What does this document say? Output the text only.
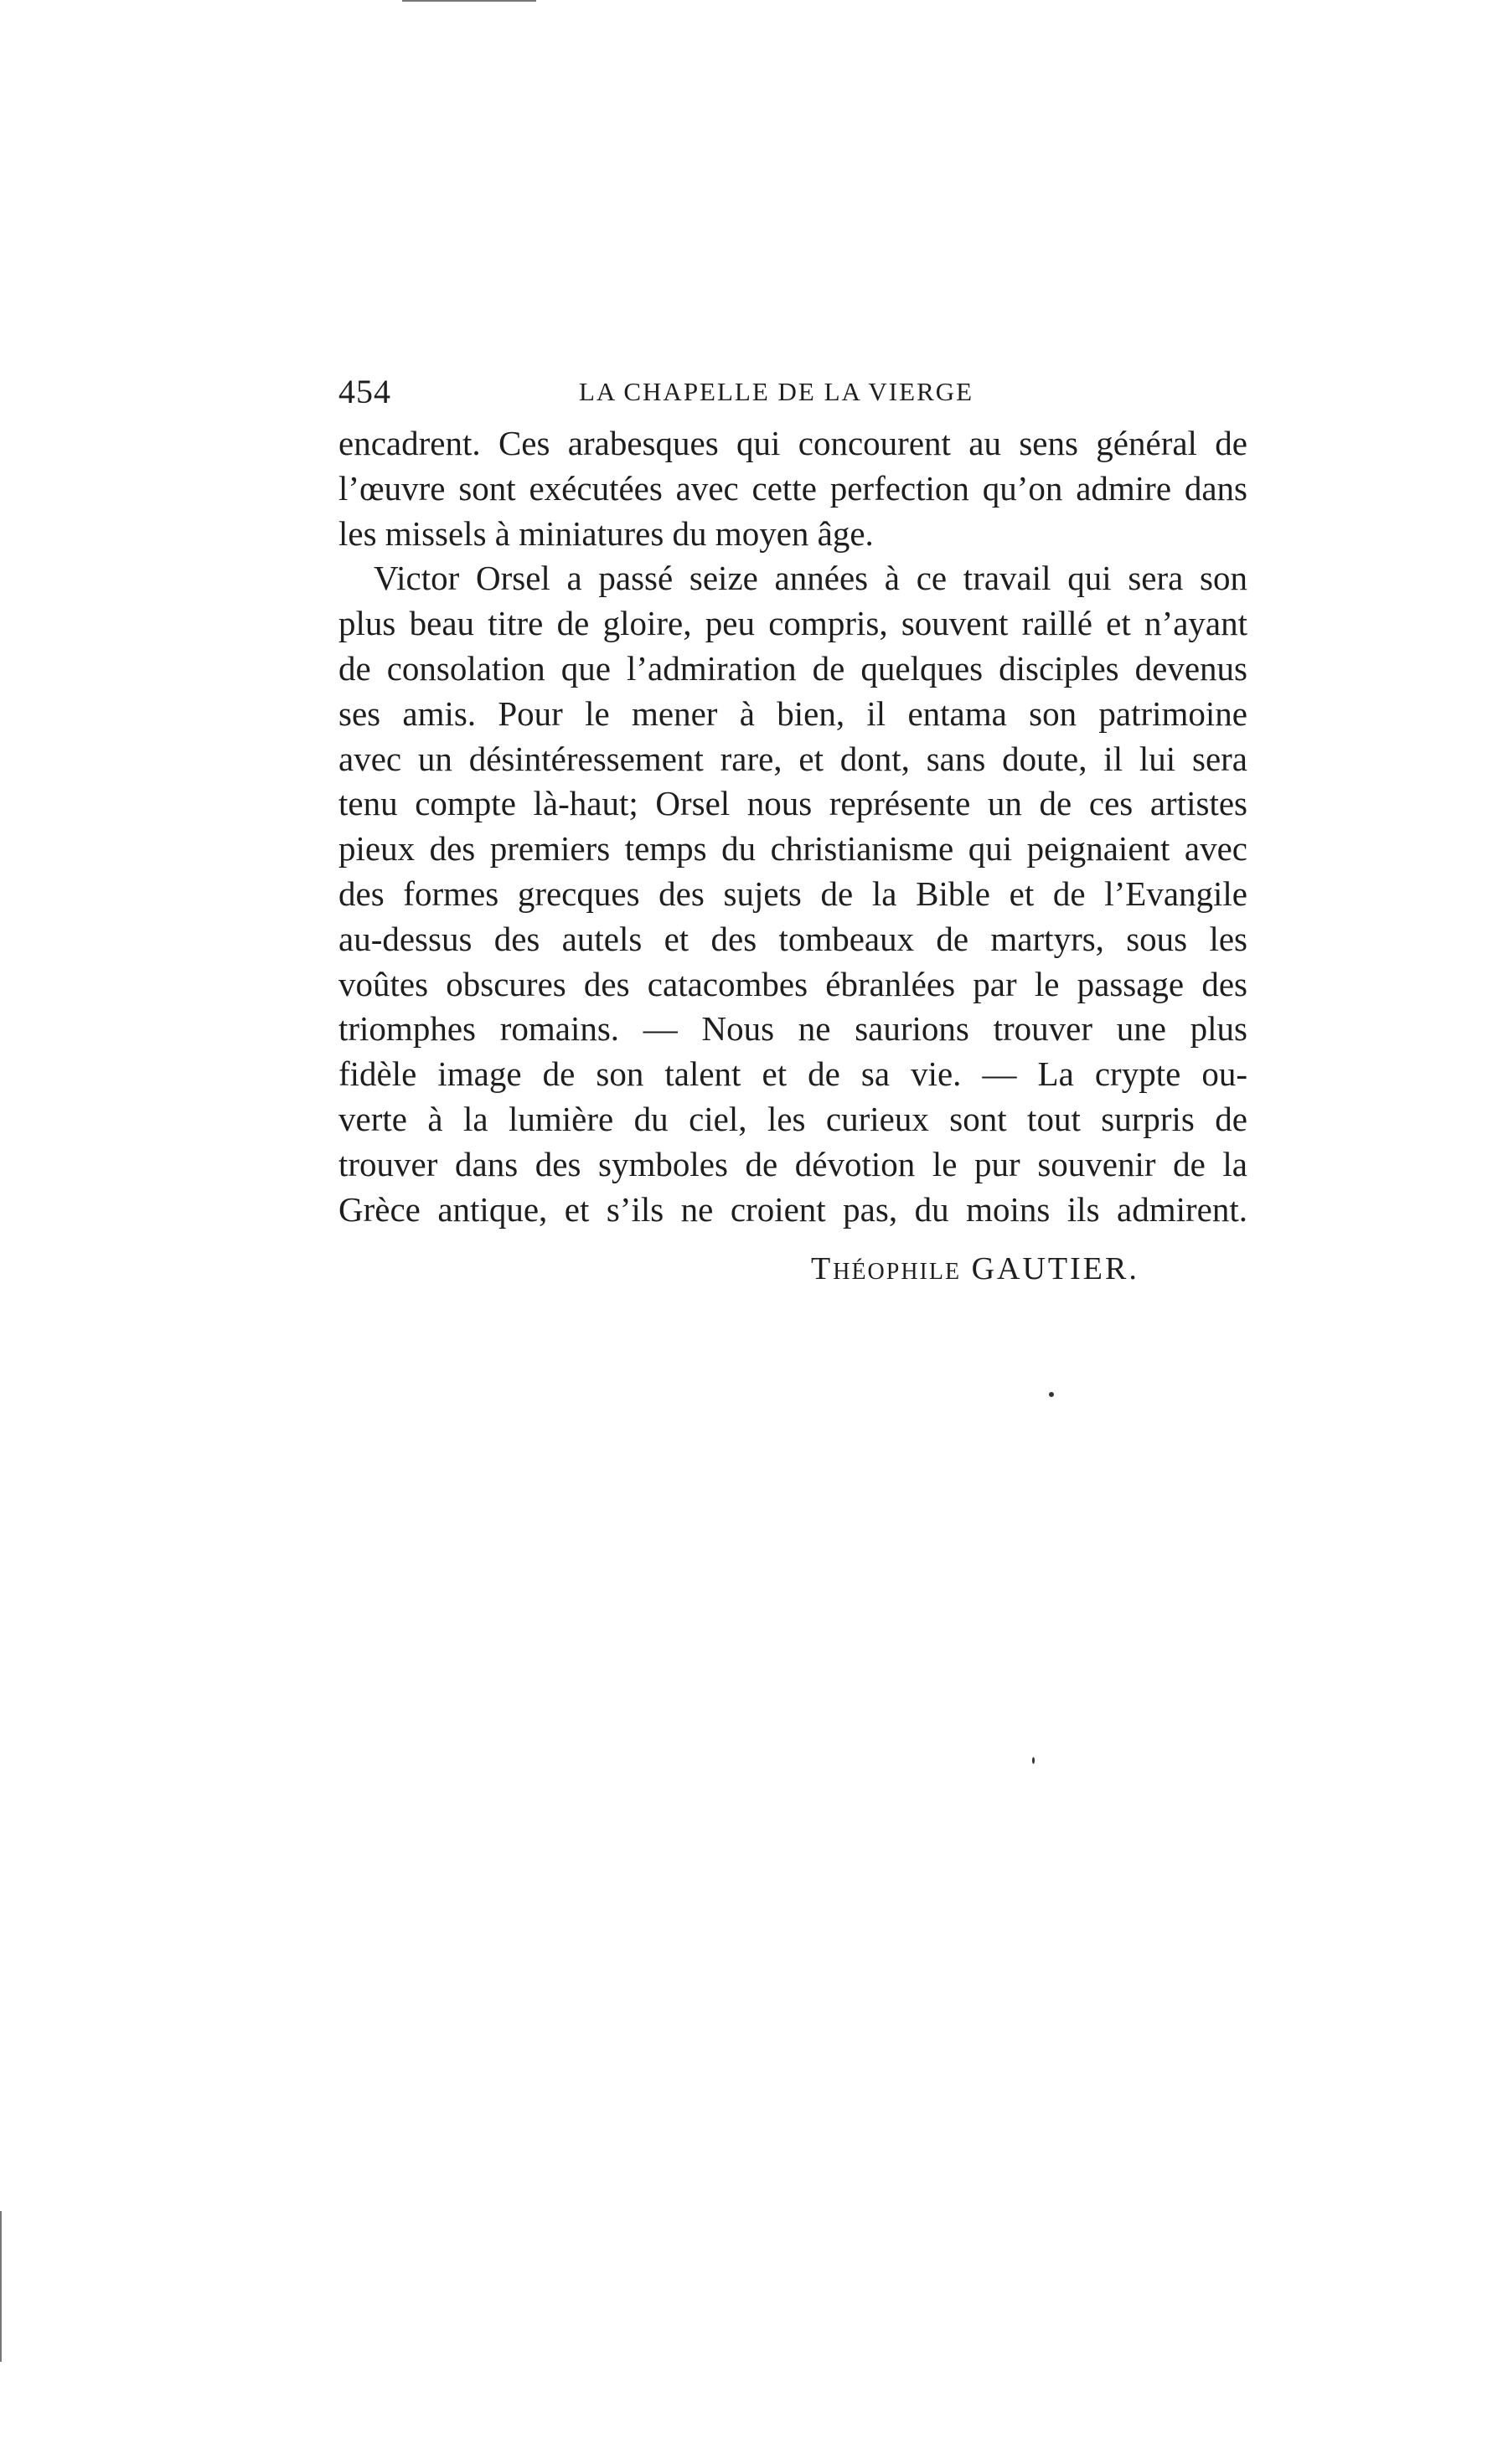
454	LA CHAPELLE DE LA VIERGE
encadrent. Ces arabesques qui concourent au sens général de
l’œuvre sont exécutées avec cette perfection qu’on admire dans
les missels à miniatures du moyen âge.
Victor Orsel a passé seize années à ce travail qui sera son
plus beau titre de gloire, peu compris, souvent raillé et n’ayant
de consolation que l’admiration de quelques disciples devenus
ses amis. Pour le mener à bien, il entama son patrimoine
avec un désintéressement rare, et dont, sans doute, il lui sera
tenu compte là-haut; Orsel nous représente un de ces artistes
pieux des premiers temps du christianisme qui peignaient avec
des formes grecques des sujets de la Bible et de l’Evangile
au-dessus des autels et des tombeaux de martyrs, sous les
voûtes obscures des catacombes ébranlées par le passage des
triomphes romains. — Nous ne saurions trouver une plus
fidèle image de son talent et de sa vie. — La crypte ou-
verte à la lumière du ciel, les curieux sont tout surpris de
trouver dans des symboles de dévotion le pur souvenir de la
Grèce antique, et s’ils ne croient pas, du moins ils admirent.
THÉOPHILE GAUTIER.
